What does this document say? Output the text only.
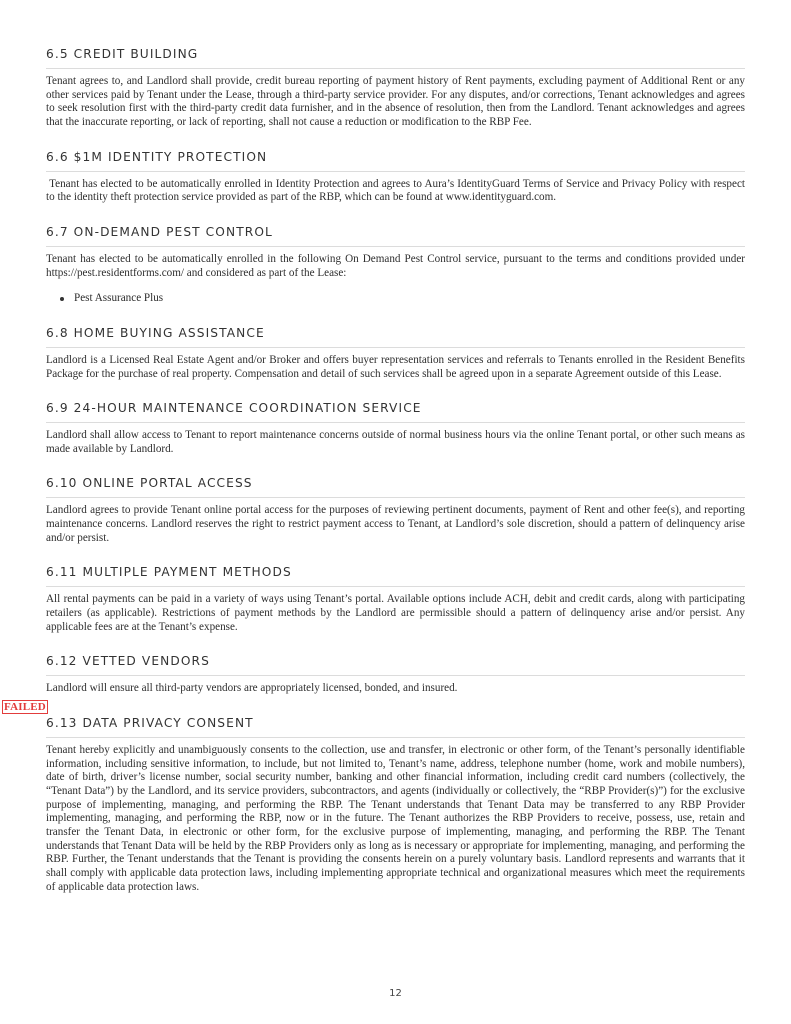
6.5 CREDIT BUILDING

Tenant agrees to, and Landlord shall provide, credit bureau reporting of payment history of Rent payments, excluding payment of Additional Rent or any other services paid by Tenant under the Lease, through a third-party service provider. For any disputes, and/or corrections, Tenant acknowledges and agrees to seek resolution first with the third-party credit data furnisher, and in the absence of resolution, then from the Landlord. Tenant acknowledges and agrees that the inaccurate reporting, or lack of reporting, shall not cause a reduction or modification to the RBP Fee.

6.6 $1M IDENTITY PROTECTION

Tenant has elected to be automatically enrolled in Identity Protection and agrees to Aura’s IdentityGuard Terms of Service and Privacy Policy with respect to the identity theft protection service provided as part of the RBP, which can be found at www.identityguard.com.

6.7 ON-DEMAND PEST CONTROL

Tenant has elected to be automatically enrolled in the following On Demand Pest Control service, pursuant to the terms and conditions provided under https://pest.residentforms.com/ and considered as part of the Lease:

Pest Assurance Plus
6.8 HOME BUYING ASSISTANCE

Landlord is a Licensed Real Estate Agent and/or Broker and offers buyer representation services and referrals to Tenants enrolled in the Resident Benefits Package for the purchase of real property. Compensation and detail of such services shall be agreed upon in a separate Agreement outside of this Lease.

6.9 24-HOUR MAINTENANCE COORDINATION SERVICE

Landlord shall allow access to Tenant to report maintenance concerns outside of normal business hours via the online Tenant portal, or other such means as made available by Landlord.

6.10 ONLINE PORTAL ACCESS

Landlord agrees to provide Tenant online portal access for the purposes of reviewing pertinent documents, payment of Rent and other fee(s), and reporting maintenance concerns. Landlord reserves the right to restrict payment access to Tenant, at Landlord’s sole discretion, should a pattern of delinquency arise and/or persist.

6.11 MULTIPLE PAYMENT METHODS

All rental payments can be paid in a variety of ways using Tenant’s portal. Available options include ACH, debit and credit cards, along with participating retailers (as applicable). Restrictions of payment methods by the Landlord are permissible should a pattern of delinquency arise and/or persist. Any applicable fees are at the Tenant’s expense.

6.12 VETTED VENDORS

Landlord will ensure all third-party vendors are appropriately licensed, bonded, and insured.

6.13 DATA PRIVACY CONSENT

Tenant hereby explicitly and unambiguously consents to the collection, use and transfer, in electronic or other form, of the Tenant’s personally identifiable information, including sensitive information, to include, but not limited to, Tenant’s name, address, telephone number (home, work and mobile numbers), date of birth, driver’s license number, social security number, banking and other financial information, including credit card numbers (collectively, the “Tenant Data”) by the Landlord, and its service providers, subcontractors, and agents (individually or collectively, the “RBP Provider(s)”) for the exclusive purpose of implementing, managing, and performing the RBP. The Tenant understands that Tenant Data may be transferred to any RBP Provider implementing, managing, and performing the RBP, now or in the future. The Tenant authorizes the RBP Providers to receive, possess, use, retain and transfer the Tenant Data, in electronic or other form, for the exclusive purpose of implementing, managing, and performing the RBP. The Tenant understands that Tenant Data will be held by the RBP Providers only as long as is necessary or appropriate for implementing, managing, and performing the RBP. Further, the Tenant understands that the Tenant is providing the consents herein on a purely voluntary basis. Landlord represents and warrants that it shall comply with applicable data protection laws, including implementing appropriate technical and organizational measures which meet the requirements of applicable data protection laws.

FAILED
12
